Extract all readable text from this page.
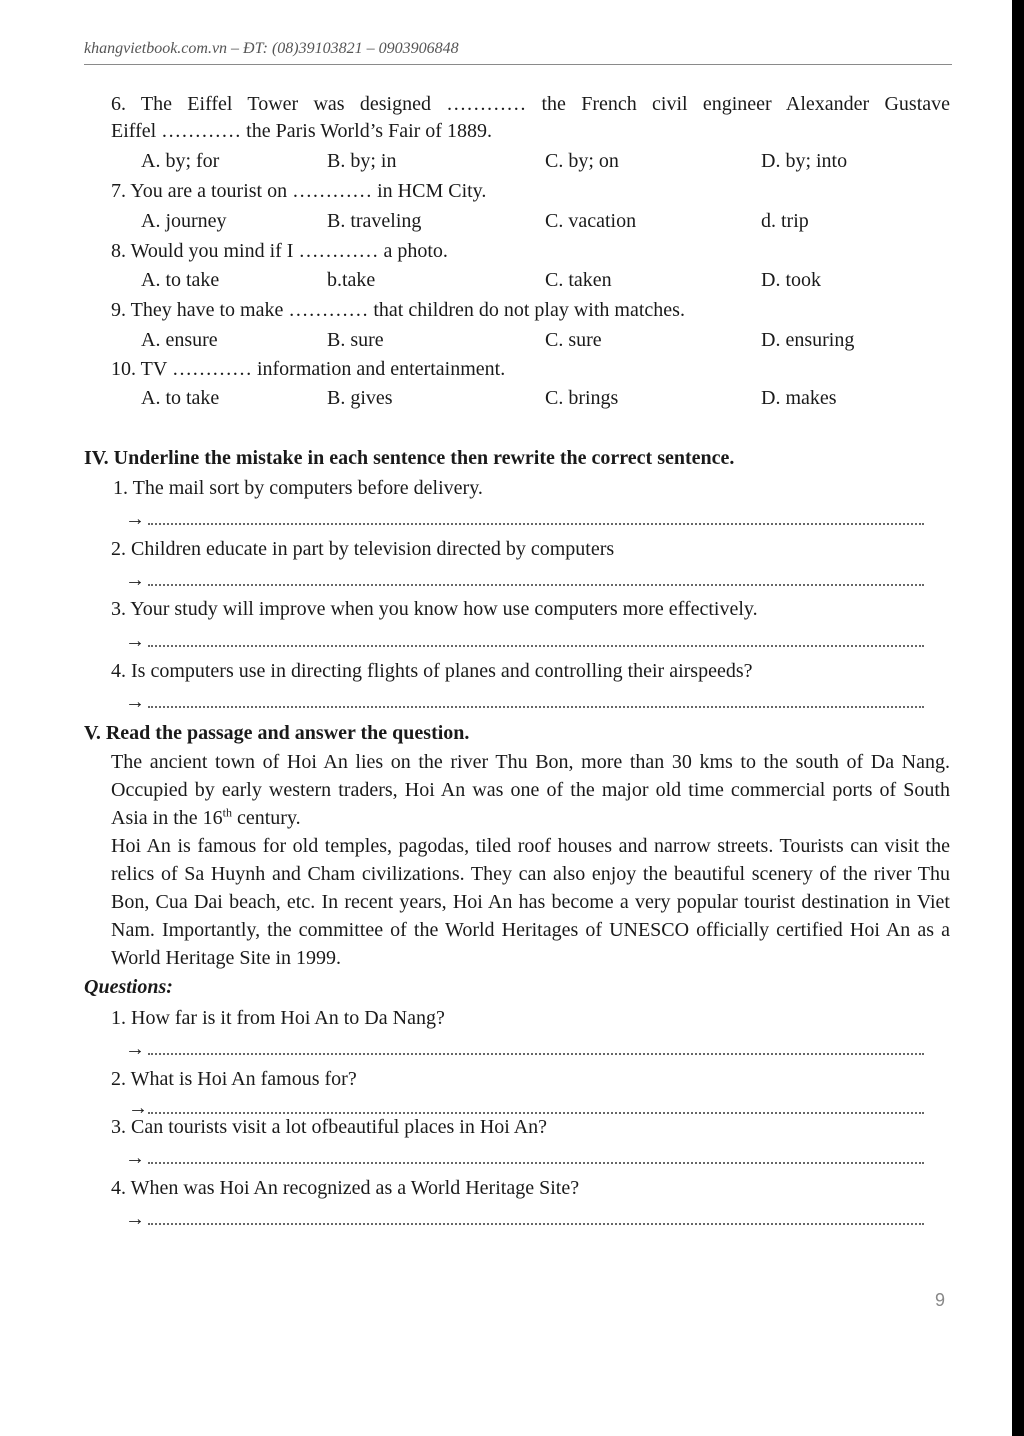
khangvietbook.com.vn – ĐT: (08)39103821 – 0903906848
6. The Eiffel Tower was designed ………… the French civil engineer Alexander Gustave
Eiffel ………… the Paris World’s Fair of 1889.
A. by; for	B. by; in	C. by; on	D. by; into
7. You are a tourist on ………… in HCM City.
A. journey	B. traveling	C. vacation	d. trip
8. Would you mind if I ………… a photo.
A. to take	b.take	C. taken	D. took
9. They have to make ………… that children do not play with matches.
A. ensure	B. sure	C. sure	D. ensuring
10. TV ………… information and entertainment.
A. to take	B. gives	C. brings	D. makes
IV. Underline the mistake in each sentence then rewrite the correct sentence.
1. The mail sort by computers before delivery.
→
2. Children educate in part by television directed by computers
→
3. Your study will improve when you know how use computers more effectively.
→
4. Is computers use in directing flights of planes and controlling their airspeeds?
→
V. Read the passage and answer the question.

The ancient town of Hoi An lies on the river Thu Bon, more than 30 kms to the south of Da Nang. Occupied by early western traders, Hoi An was one of the major old time commercial ports of South Asia in the 16th century.

Hoi An is famous for old temples, pagodas, tiled roof houses and narrow streets. Tourists can visit the relics of Sa Huynh and Cham civilizations. They can also enjoy the beautiful scenery of the river Thu Bon, Cua Dai beach, etc. In recent years, Hoi An has become a very popular tourist destination in Viet Nam. Importantly, the committee of the World Heritages of UNESCO officially certified Hoi An as a World Heritage Site in 1999.

Questions:
1. How far is it from Hoi An to Da Nang?
→
2. What is Hoi An famous for?
→
3. Can tourists visit a lot ofbeautiful places in Hoi An?
→
4. When was Hoi An recognized as a World Heritage Site?
→
9
